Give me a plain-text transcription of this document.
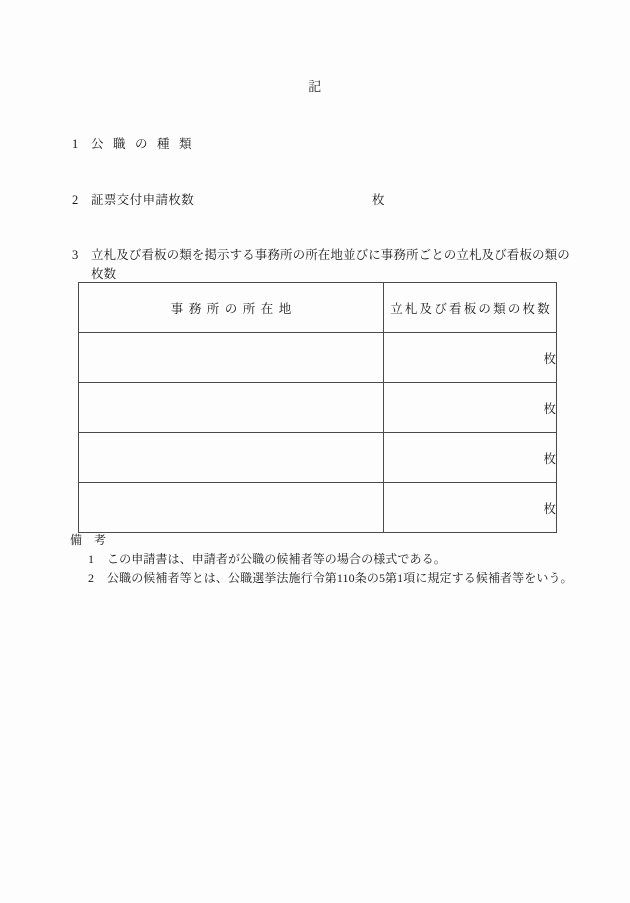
記
1 公職の種類
2 証票交付申請枚数	枚
3 立札及び看板の類を掲示する事務所の所在地並びに事務所ごとの立札及び看板の類の
枚数
事務所の所在地	立札及び看板の類の枚数
	枚
	枚
	枚
	枚
備　考
1 この申請書は、申請者が公職の候補者等の場合の様式である。
2 公職の候補者等とは、公職選挙法施行令第110条の5第1項に規定する候補者等をいう。
